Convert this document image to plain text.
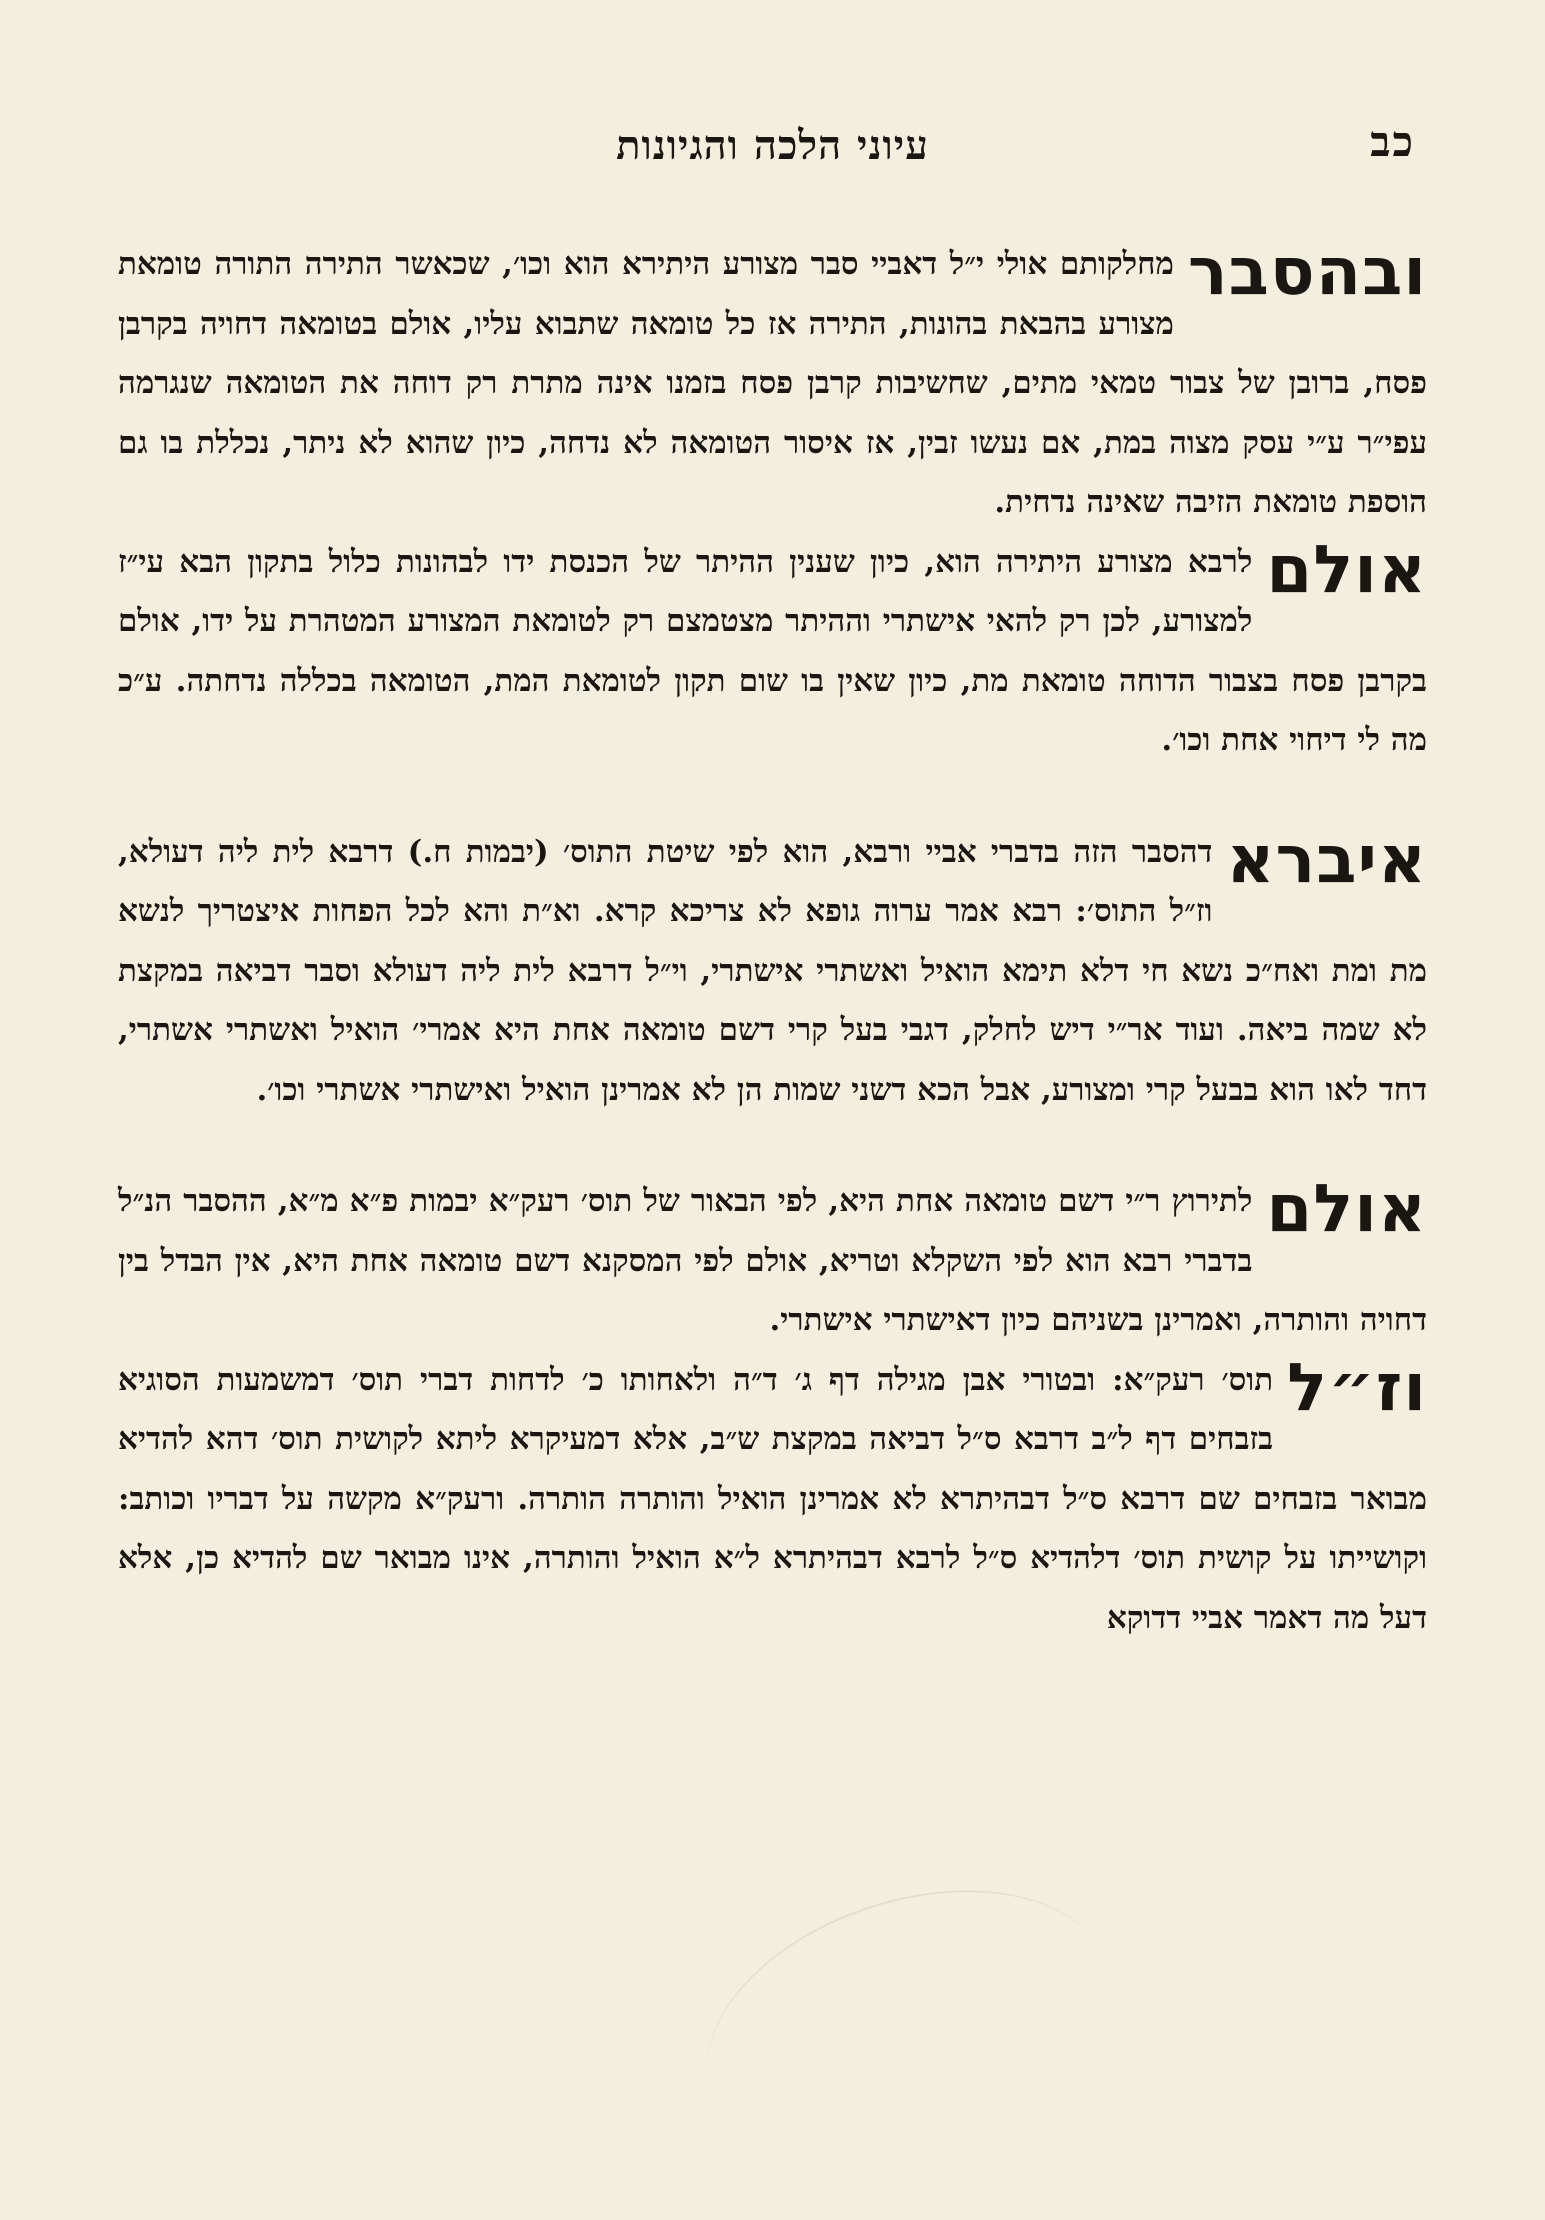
כב
עיוני הלכה והגיונות

ובהסבר
מחלקותם אולי י״ל דאביי סבר מצורע היתירא הוא וכו׳, שכאשר התירה התורה טומאת מצורע בהבאת בהונות, התירה אז כל טומאה שתבוא עליו, אולם בטומאה דחויה בקרבן פסח, ברובן של צבור טמאי מתים, שחשיבות קרבן פסח בזמנו אינה מתרת רק דוחה את הטומאה שנגרמה עפי״ר ע״י עסק מצוה במת, אם נעשו זבין, אז איסור הטומאה לא נדחה, כיון שהוא לא ניתר, נכללת בו גם הוספת טומאת הזיבה שאינה נדחית.

אולם
לרבא מצורע היתירה הוא, כיון שענין ההיתר של הכנסת ידו לבהונות כלול בתקון הבא עי״ז למצורע, לכן רק להאי אישתרי וההיתר מצטמצם רק לטומאת המצורע המטהרת על ידו, אולם בקרבן פסח בצבור הדוחה טומאת מת, כיון שאין בו שום תקון לטומאת המת, הטומאה בכללה נדחתה. ע״כ מה לי דיחוי אחת וכו׳.

איברא
דהסבר הזה בדברי אביי ורבא, הוא לפי שיטת התוס׳ (יבמות ח.) דרבא לית ליה דעולא, וז״ל התוס׳: רבא אמר ערוה גופא לא צריכא קרא. וא״ת והא לכל הפחות איצטריך לנשא מת ומת ואח״כ נשא חי דלא תימא הואיל ואשתרי אישתרי, וי״ל דרבא לית ליה דעולא וסבר דביאה במקצת לא שמה ביאה. ועוד אר״י דיש לחלק, דגבי בעל קרי דשם טומאה אחת היא אמרי׳ הואיל ואשתרי אשתרי, דחד לאו הוא בבעל קרי ומצורע, אבל הכא דשני שמות הן לא אמרינן הואיל ואישתרי אשתרי וכו׳.

אולם
לתירוץ ר״י דשם טומאה אחת היא, לפי הבאור של תוס׳ רעק״א יבמות פ״א מ״א, ההסבר הנ״ל בדברי רבא הוא לפי השקלא וטריא, אולם לפי המסקנא דשם טומאה אחת היא, אין הבדל בין דחויה והותרה, ואמרינן בשניהם כיון דאישתרי אישתרי.

וז״ל
תוס׳ רעק״א: ובטורי אבן מגילה דף ג׳ ד״ה ולאחותו כ׳ לדחות דברי תוס׳ דמשמעות הסוגיא בזבחים דף ל״ב דרבא ס״ל דביאה במקצת ש״ב, אלא דמעיקרא ליתא לקושית תוס׳ דהא להדיא מבואר בזבחים שם דרבא ס״ל דבהיתרא לא אמרינן הואיל והותרה הותרה. ורעק״א מקשה על דבריו וכותב: וקושייתו על קושית תוס׳ דלהדיא ס״ל לרבא דבהיתרא ל״א הואיל והותרה, אינו מבואר שם להדיא כן, אלא דעל מה דאמר אביי דדוקא
